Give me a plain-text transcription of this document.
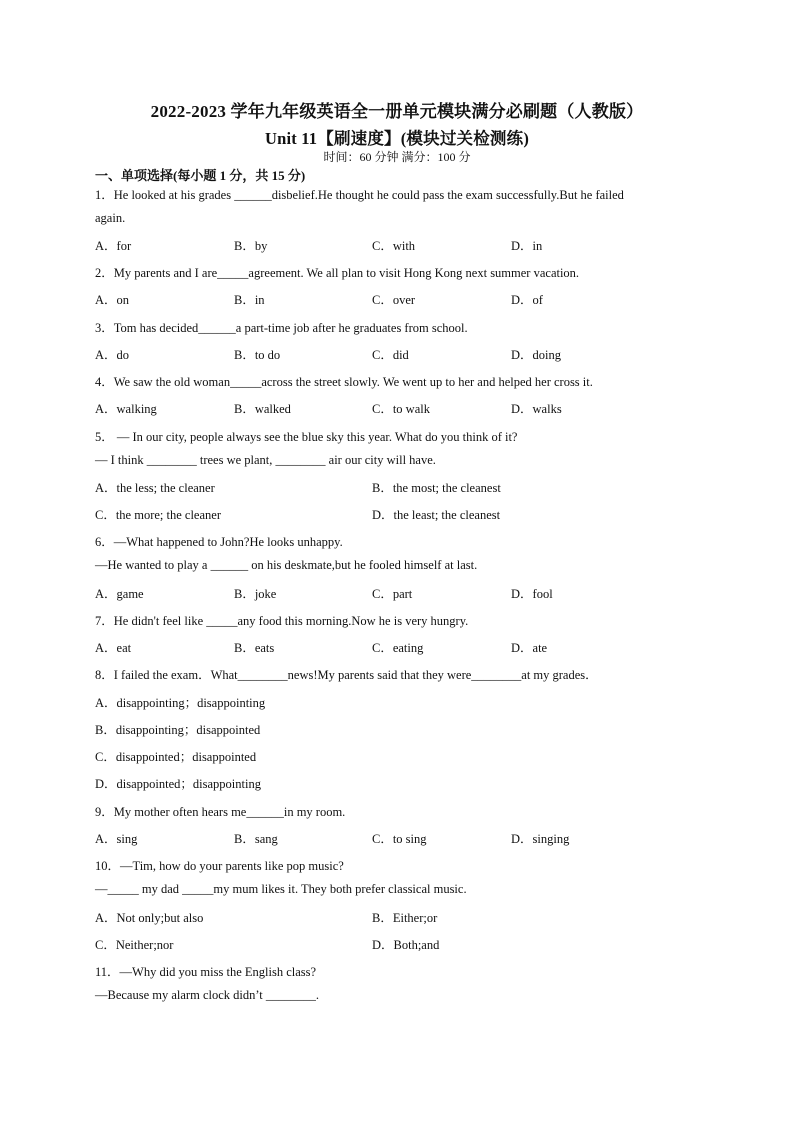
2022-2023 学年九年级英语全一册单元模块满分必刷题（人教版）
Unit 11【刷速度】(模块过关检测练)
时间：60 分钟 满分：100 分
一、单项选择(每小题 1 分，共 15 分)
1．He looked at his grades ______disbelief.He thought he could pass the exam successfully.But he failed
again.
A．for	B．by	C．with	D．in
2．My parents and I are_____agreement. We all plan to visit Hong Kong next summer vacation.
A．on	B．in	C．over	D．of
3．Tom has decided______a part-time job after he graduates from school.
A．do	B．to do	C．did	D．doing
4．We saw the old woman_____across the street slowly. We went up to her and helped her cross it.
A．walking	B．walked	C．to walk	D．walks
5． — In our city, people always see the blue sky this year. What do you think of it?
— I think ________ trees we plant, ________ air our city will have.
A．the less; the cleaner	B．the most; the cleanest
C．the more; the cleaner	D．the least; the cleanest
6．—What happened to John?He looks unhappy.
—He wanted to play a ______ on his deskmate,but he fooled himself at last.
A．game	B．joke	C．part	D．fool
7．He didn't feel like _____any food this morning.Now he is very hungry.
A．eat	B．eats	C．eating	D．ate
8．I failed the exam．What________news!My parents said that they were________at my grades．
A．disappointing；disappointing
B．disappointing；disappointed
C．disappointed；disappointed
D．disappointed；disappointing
9．My mother often hears me______in my room.
A．sing	B．sang	C．to sing	D．singing
10．—Tim, how do your parents like pop music?
—_____ my dad _____my mum likes it. They both prefer classical music.
A．Not only;but also	B．Either;or
C．Neither;nor	D．Both;and
11．—Why did you miss the English class?
—Because my alarm clock didn’t ________.
